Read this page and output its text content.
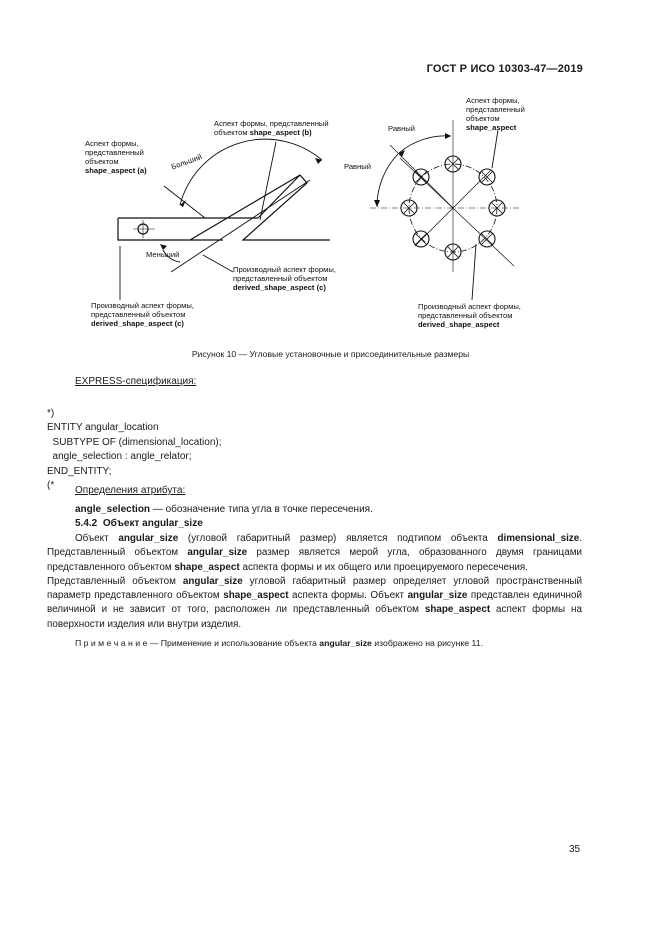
ГОСТ Р ИСО 10303-47—2019
Аспект формы,
представленный
объектом
shape_aspect (a)
Аспект формы, представленный
объектом shape_aspect (b)
Больший
Меньший
Производный аспект формы,
представленный объектом
derived_shape_aspect (c)
Производный аспект формы,
представленный объектом
derived_shape_aspect (c)
Равный
Равный
Аспект формы,
представленный
объектом
shape_aspect
Производный аспект формы,
представленный объектом
derived_shape_aspect
Рисунок 10 — Угловые установочные и присоединительные размеры
EXPRESS-спецификация:

*)
ENTITY angular_location
SUBTYPE OF (dimensional_location);
angle_selection : angle_relator;
END_ENTITY;
(*	Определения атрибута:
angle_selection — обозначение типа угла в точке пересечения.
5.4.2 Объект angular_size

Объект angular_size (угловой габаритный размер) является подтипом объекта dimensional_size. Представленный объектом angular_size размер является мерой угла, образованного двумя границами представленного объектом shape_aspect аспекта формы и их общего или проецируемого пересечения.

Представленный объектом angular_size угловой габаритный размер определяет угловой пространственный параметр представленного объектом shape_aspect аспекта формы. Объект angular_size представлен единичной величиной и не зависит от того, расположен ли представленный объектом shape_aspect аспект формы на поверхности изделия или внутри изделия.

П р и м е ч а н и е — Применение и использование объекта angular_size изображено на рисунке 11.
35
